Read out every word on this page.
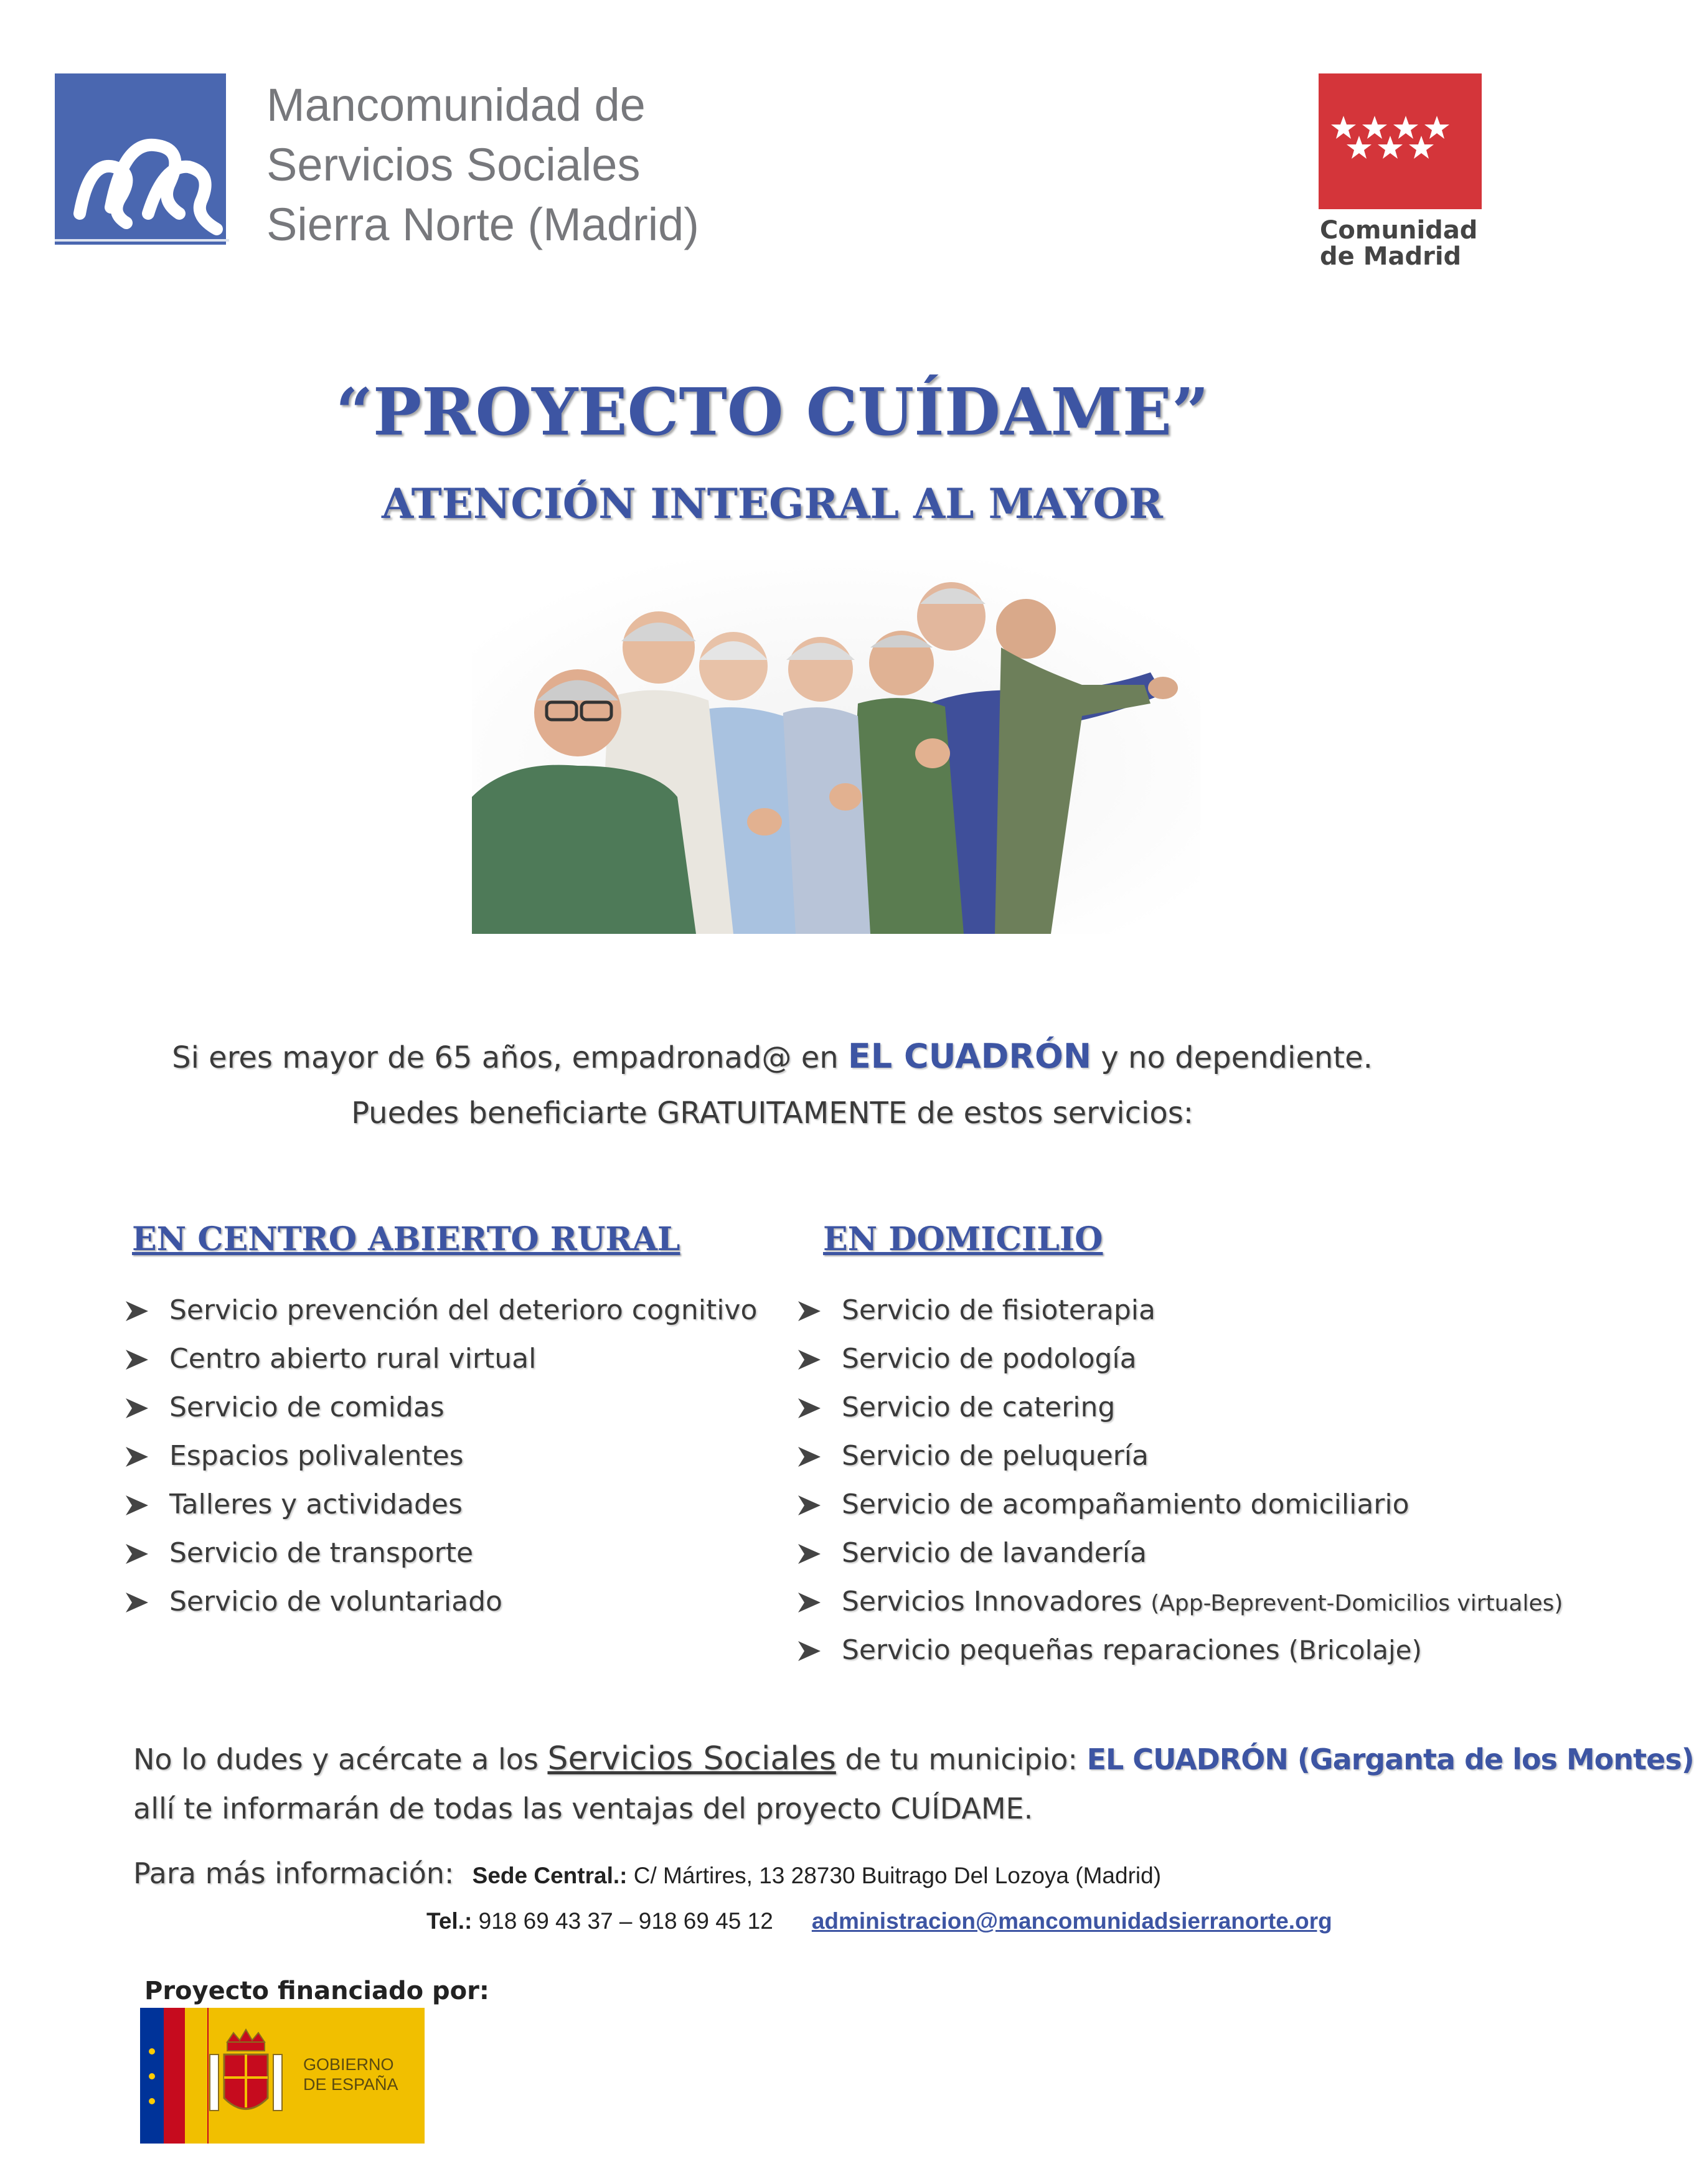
Mancomunidad de
Servicios Sociales
Sierra Norte (Madrid)	Comunidad
de Madrid
“PROYECTO CUÍDAME”
ATENCIÓN INTEGRAL AL MAYOR
Si eres mayor de 65 años, empadronad@ en EL CUADRÓN y no dependiente.
Puedes beneficiarte GRATUITAMENTE de estos servicios:
EN CENTRO ABIERTO RURAL
Servicio prevención del deterioro cognitivo
Centro abierto rural virtual
Servicio de comidas
Espacios polivalentes
Talleres y actividades
Servicio de transporte
Servicio de voluntariado
EN DOMICILIO
Servicio de fisioterapia
Servicio de podología
Servicio de catering
Servicio de peluquería
Servicio de acompañamiento domiciliario
Servicio de lavandería
Servicios Innovadores (App-Beprevent-Domicilios virtuales)
Servicio pequeñas reparaciones (Bricolaje)
No lo dudes y acércate a los Servicios Sociales de tu municipio: EL CUADRÓN (Garganta de los Montes)
allí te informarán de todas las ventajas del proyecto CUÍDAME.
Para más información: Sede Central.: C/ Mártires, 13 28730 Buitrago Del Lozoya (Madrid)
Tel.: 918 69 43 37 – 918 69 45 12 administracion@mancomunidadsierranorte.org
Proyecto financiado por:
GOBIERNO
DE ESPAÑA
